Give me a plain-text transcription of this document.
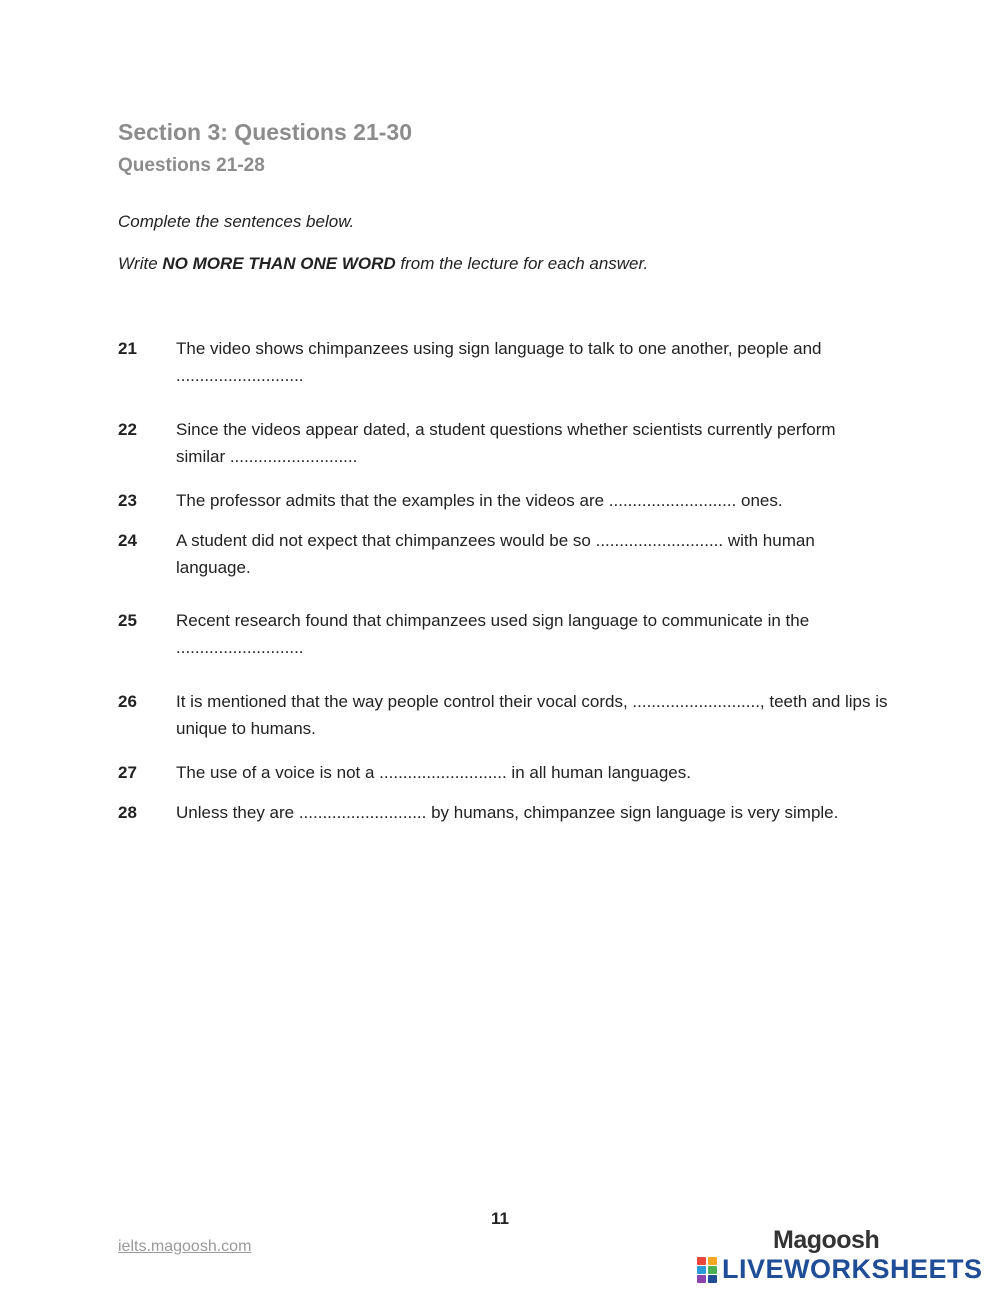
Section 3: Questions 21-30
Questions 21-28

Complete the sentences below.

Write NO MORE THAN ONE WORD from the lecture for each answer.

21	The video shows chimpanzees using sign language to talk to one another, people and ...........................
22	Since the videos appear dated, a student questions whether scientists currently perform similar ...........................
23	The professor admits that the examples in the videos are ........................... ones.
24	A student did not expect that chimpanzees would be so ........................... with human language.
25	Recent research found that chimpanzees used sign language to communicate in the ...........................
26	It is mentioned that the way people control their vocal cords, ..........................., teeth and lips is unique to humans.
27	The use of a voice is not a ........................... in all human languages.
28	Unless they are ........................... by humans, chimpanzee sign language is very simple.
11
ielts.magoosh.com	Magoosh
LIVEWORKSHEETS
